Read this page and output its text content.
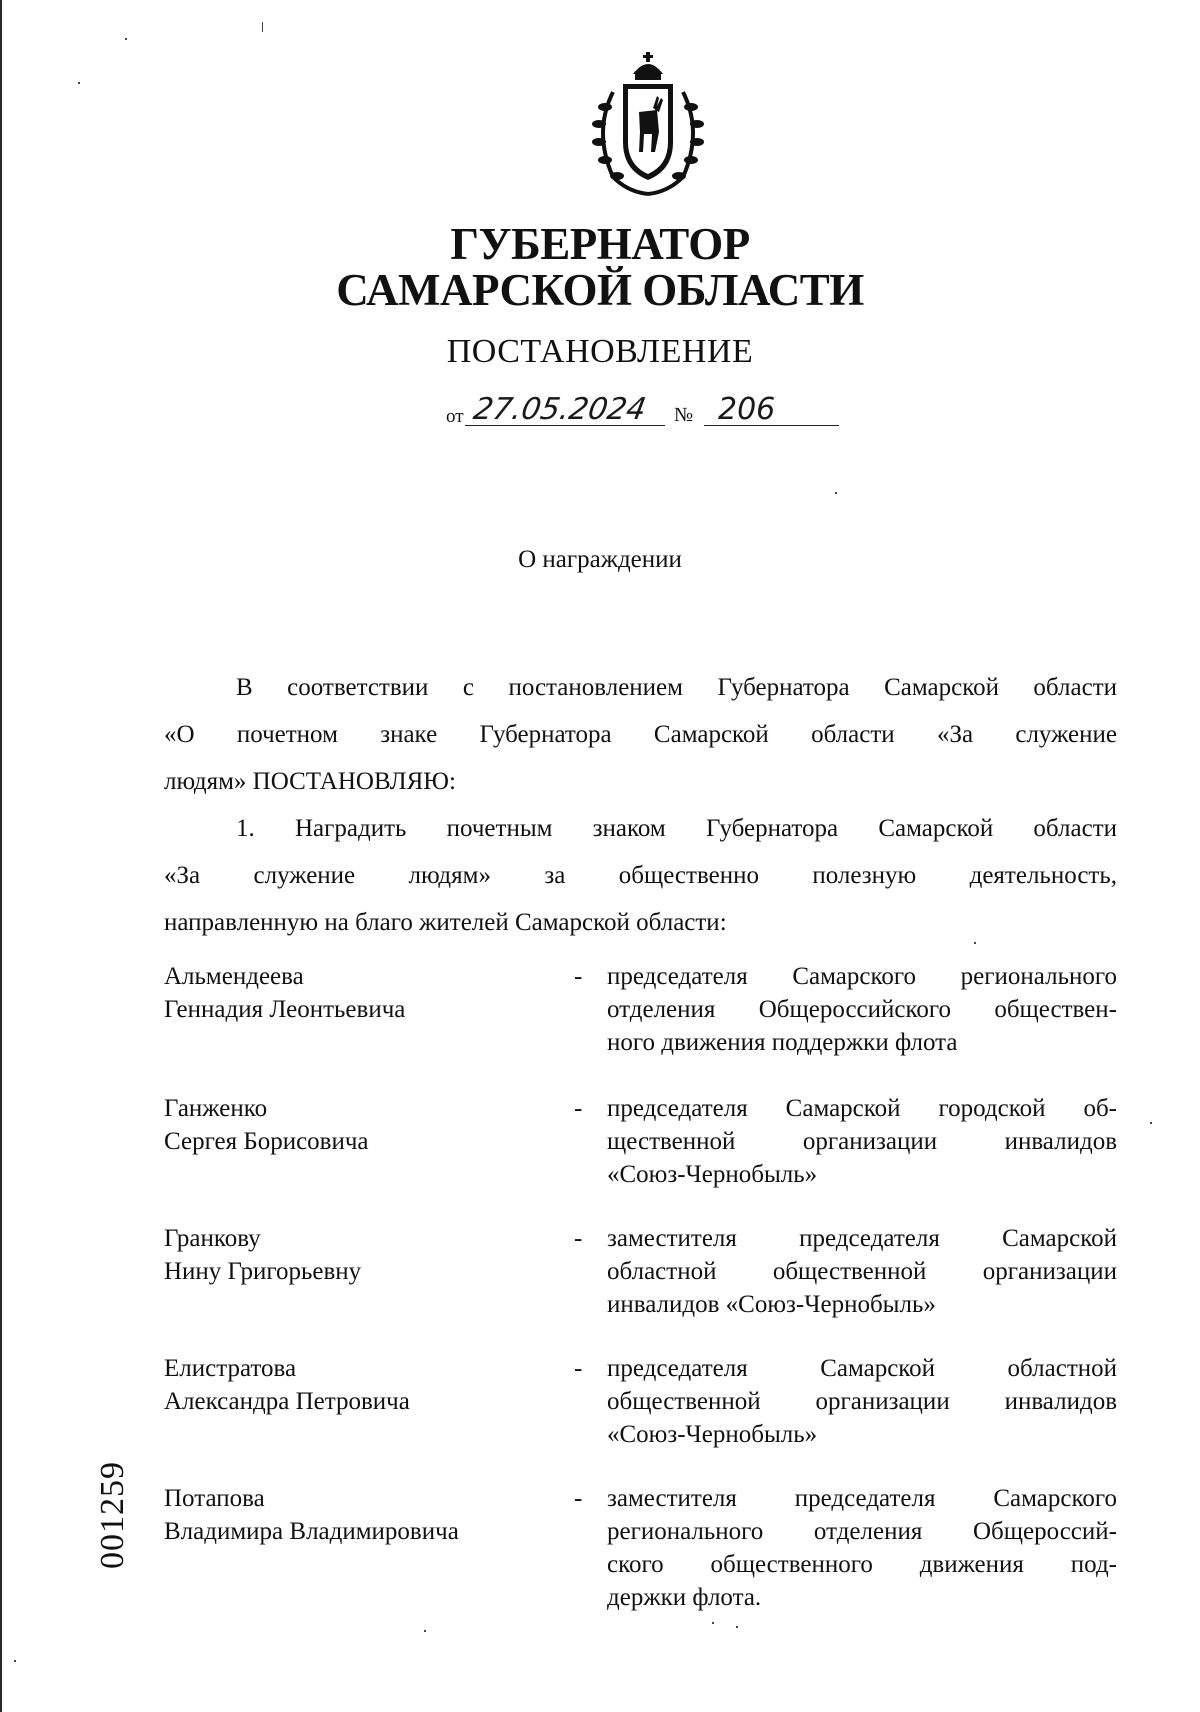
ГУБЕРНАТОР
САМАРСКОЙ ОБЛАСТИ
ПОСТАНОВЛЕНИЕ
от 27.05.2024	№ 206
О награждении
В соответствии с постановлением Губернатора Самарской области
«О почетном знаке Губернатора Самарской области «За служение
людям» ПОСТАНОВЛЯЮ:
1. Наградить почетным знаком Губернатора Самарской области
«За служение людям» за общественно полезную деятельность,
направленную на благо жителей Самарской области:
Альмендеева
Геннадия Леонтьевича
- председателя Самарского регионального
отделения Общероссийского обществен-
ного движения поддержки флота
Ганженко
Сергея Борисовича
- председателя Самарской городской об-
щественной организации инвалидов
«Союз-Чернобыль»
Гранкову
Нину Григорьевну
- заместителя председателя Самарской
областной общественной организации
инвалидов «Союз-Чернобыль»
Елистратова
Александра Петровича
- председателя Самарской областной
общественной организации инвалидов
«Союз-Чернобыль»
Потапова
Владимира Владимировича
- заместителя председателя Самарского
регионального отделения Общероссий-
ского общественного движения под-
держки флота.
001259
